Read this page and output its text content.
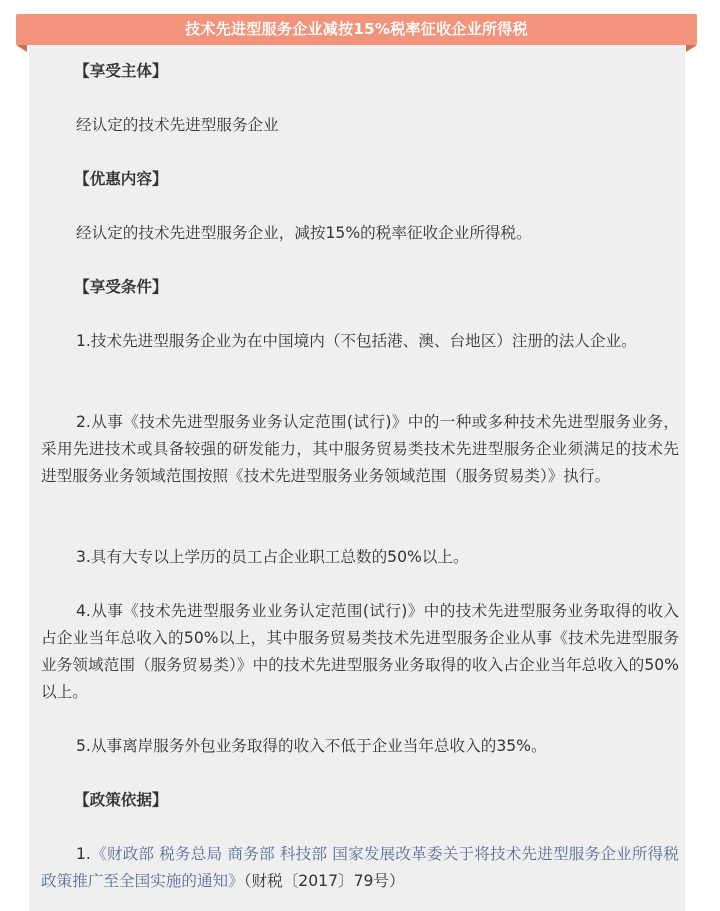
技术先进型服务企业减按15%税率征收企业所得税

【享受主体】

经认定的技术先进型服务企业

【优惠内容】

经认定的技术先进型服务企业，减按15%的税率征收企业所得税。

【享受条件】

1.技术先进型服务企业为在中国境内（不包括港、澳、台地区）注册的法人企业。

2.从事《技术先进型服务业务认定范围(试行)》中的一种或多种技术先进型服务业务，采用先进技术或具备较强的研发能力，其中服务贸易类技术先进型服务企业须满足的技术先进型服务业务领域范围按照《技术先进型服务业务领域范围（服务贸易类）》执行。

3.具有大专以上学历的员工占企业职工总数的50%以上。

4.从事《技术先进型服务业业务认定范围(试行)》中的技术先进型服务业务取得的收入占企业当年总收入的50%以上，其中服务贸易类技术先进型服务企业从事《技术先进型服务业务领域范围（服务贸易类）》中的技术先进型服务业务取得的收入占企业当年总收入的50%以上。

5.从事离岸服务外包业务取得的收入不低于企业当年总收入的35%。

【政策依据】

1.《财政部 税务总局 商务部 科技部 国家发展改革委关于将技术先进型服务企业所得税政策推广至全国实施的通知》（财税〔2017〕79号）
